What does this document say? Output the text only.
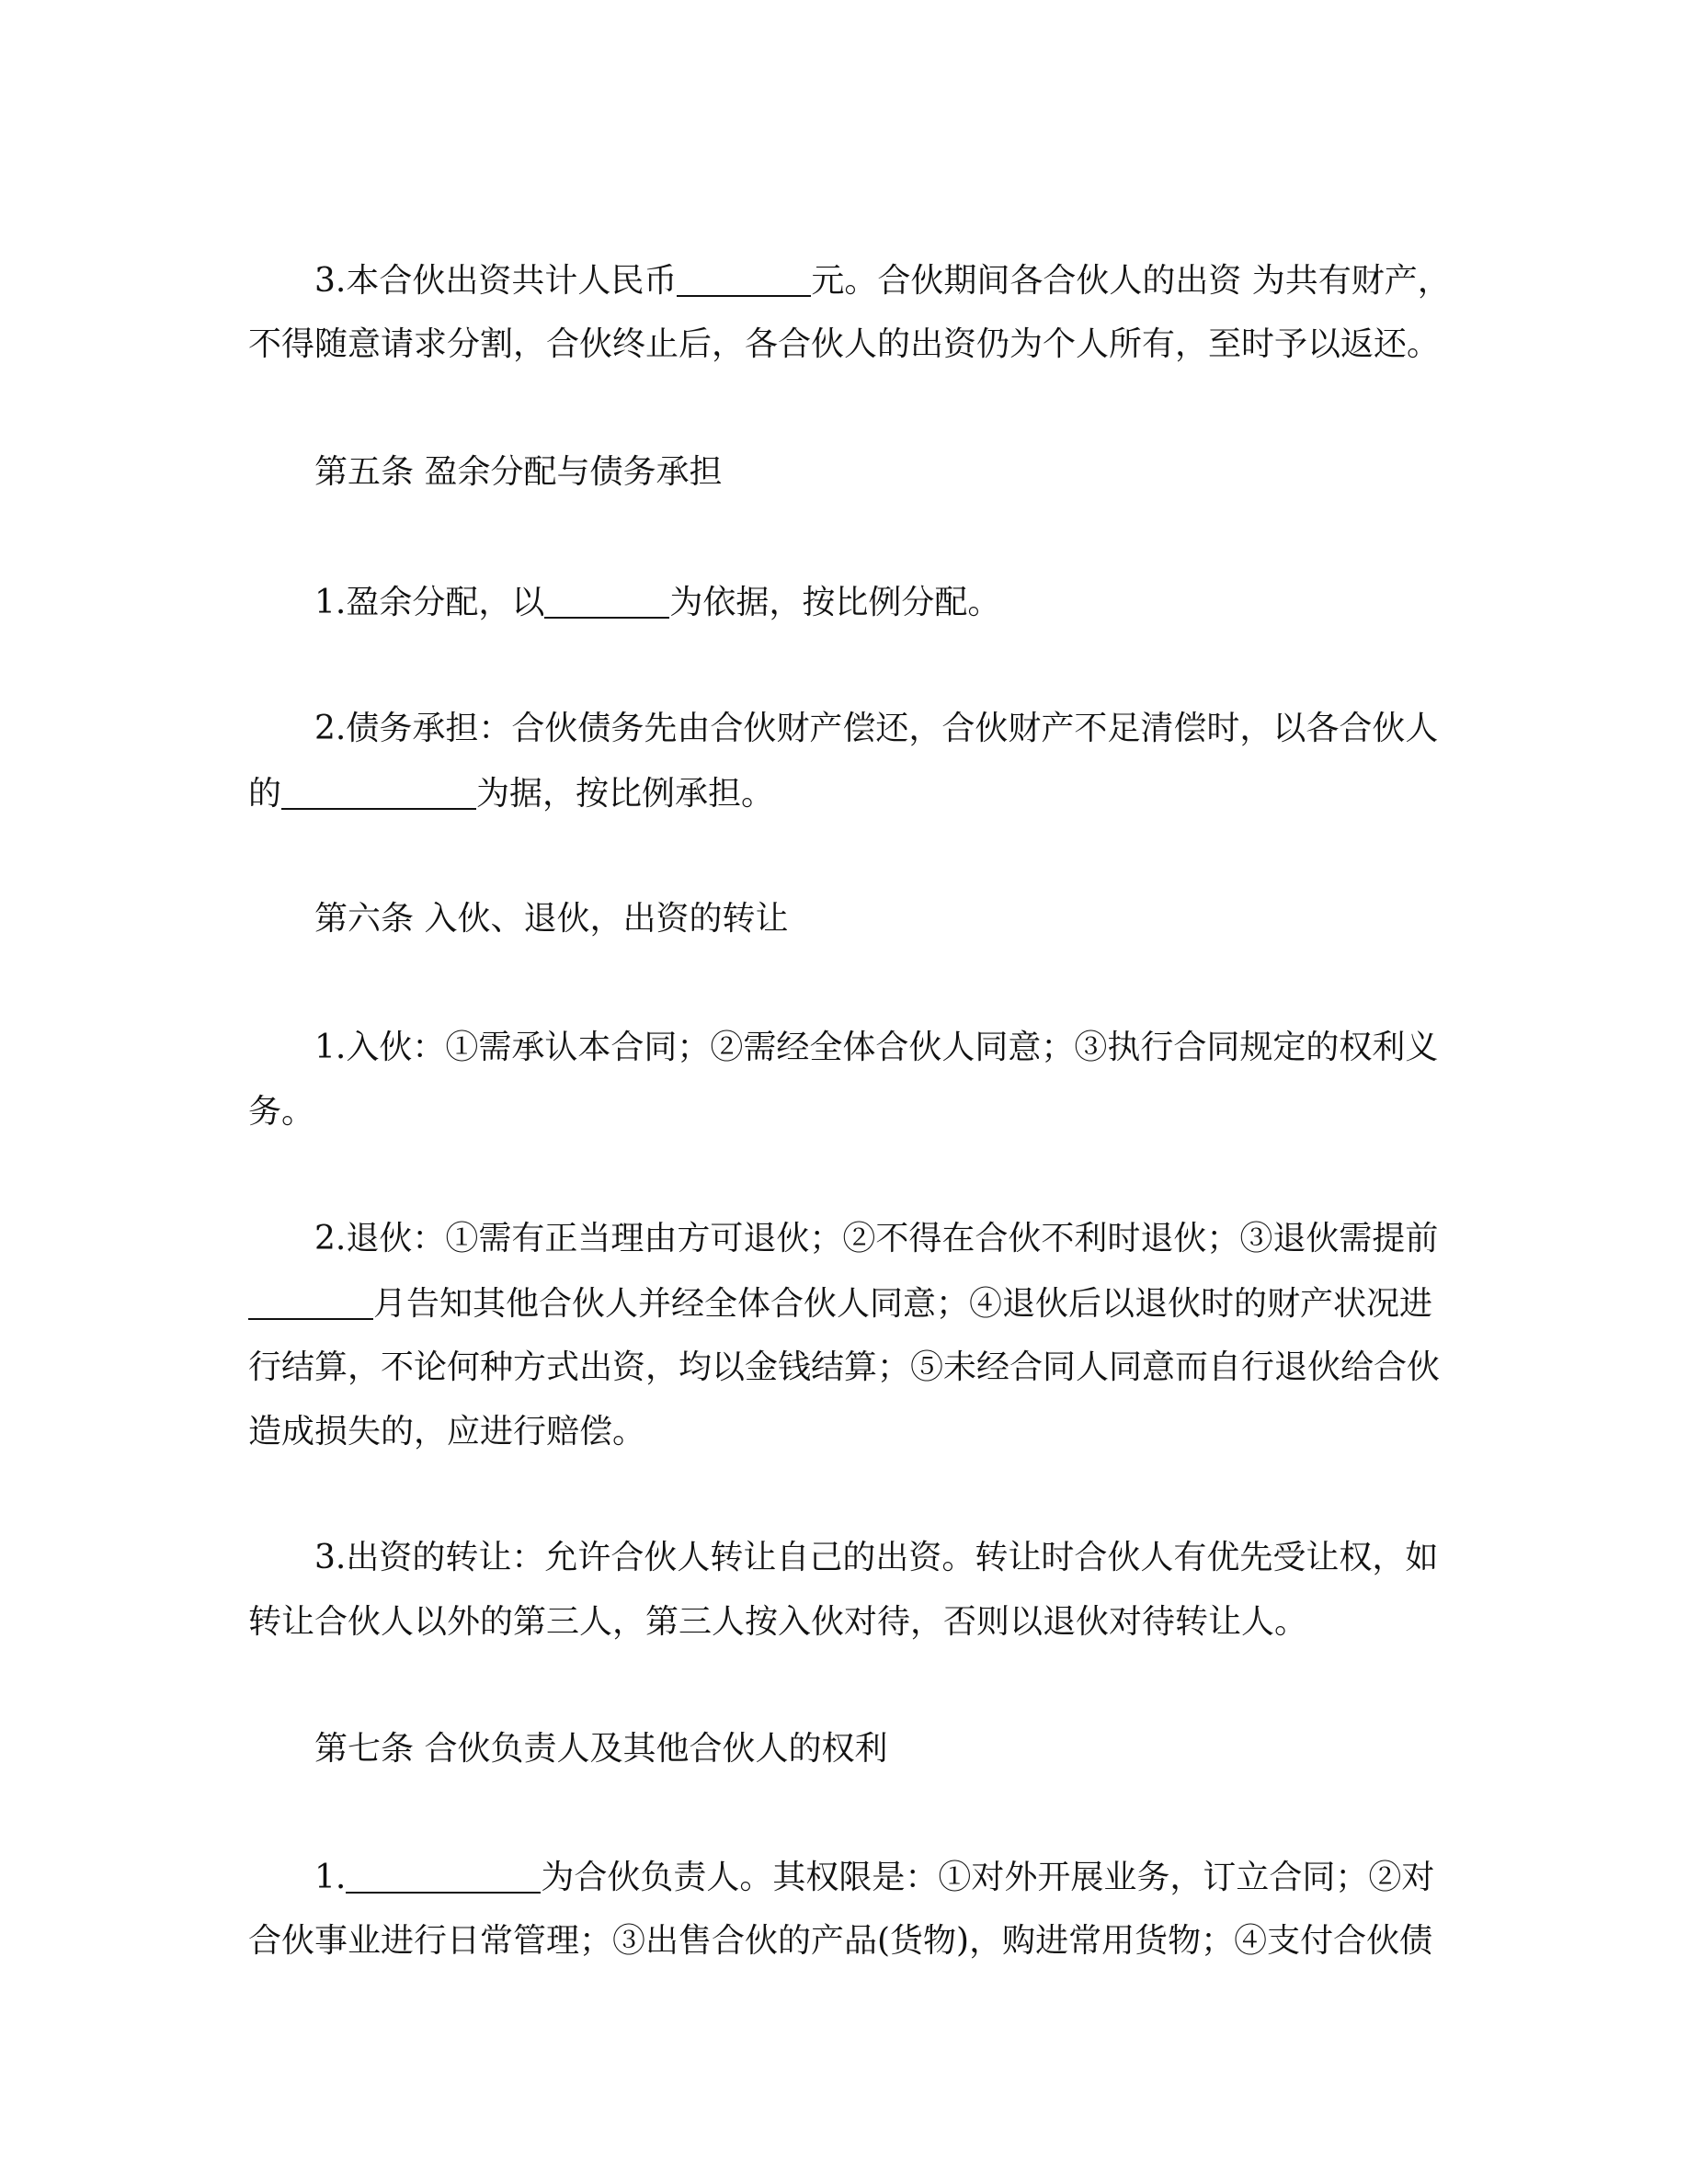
3.本合伙出资共计人民币	元。合伙期间各合伙人的出资 为共有财产，
不得随意请求分割，合伙终止后，各合伙人的出资仍为个人所有，至时予以返还。
第五条 盈余分配与债务承担
1.盈余分配，以	为依据，按比例分配。
2.债务承担：合伙债务先由合伙财产偿还，合伙财产不足清偿时，以各合伙人
的	为据，按比例承担。
第六条 入伙、退伙，出资的转让
1.入伙：①需承认本合同；②需经全体合伙人同意；③执行合同规定的权利义
务。
2.退伙：①需有正当理由方可退伙；②不得在合伙不利时退伙；③退伙需提前
月告知其他合伙人并经全体合伙人同意；④退伙后以退伙时的财产状况进
行结算，不论何种方式出资，均以金钱结算；⑤未经合同人同意而自行退伙给合伙
造成损失的，应进行赔偿。
3.出资的转让：允许合伙人转让自己的出资。转让时合伙人有优先受让权，如
转让合伙人以外的第三人，第三人按入伙对待，否则以退伙对待转让人。
第七条 合伙负责人及其他合伙人的权利
1.	为合伙负责人。其权限是：①对外开展业务，订立合同；②对
合伙事业进行日常管理；③出售合伙的产品(货物)，购进常用货物；④支付合伙债
